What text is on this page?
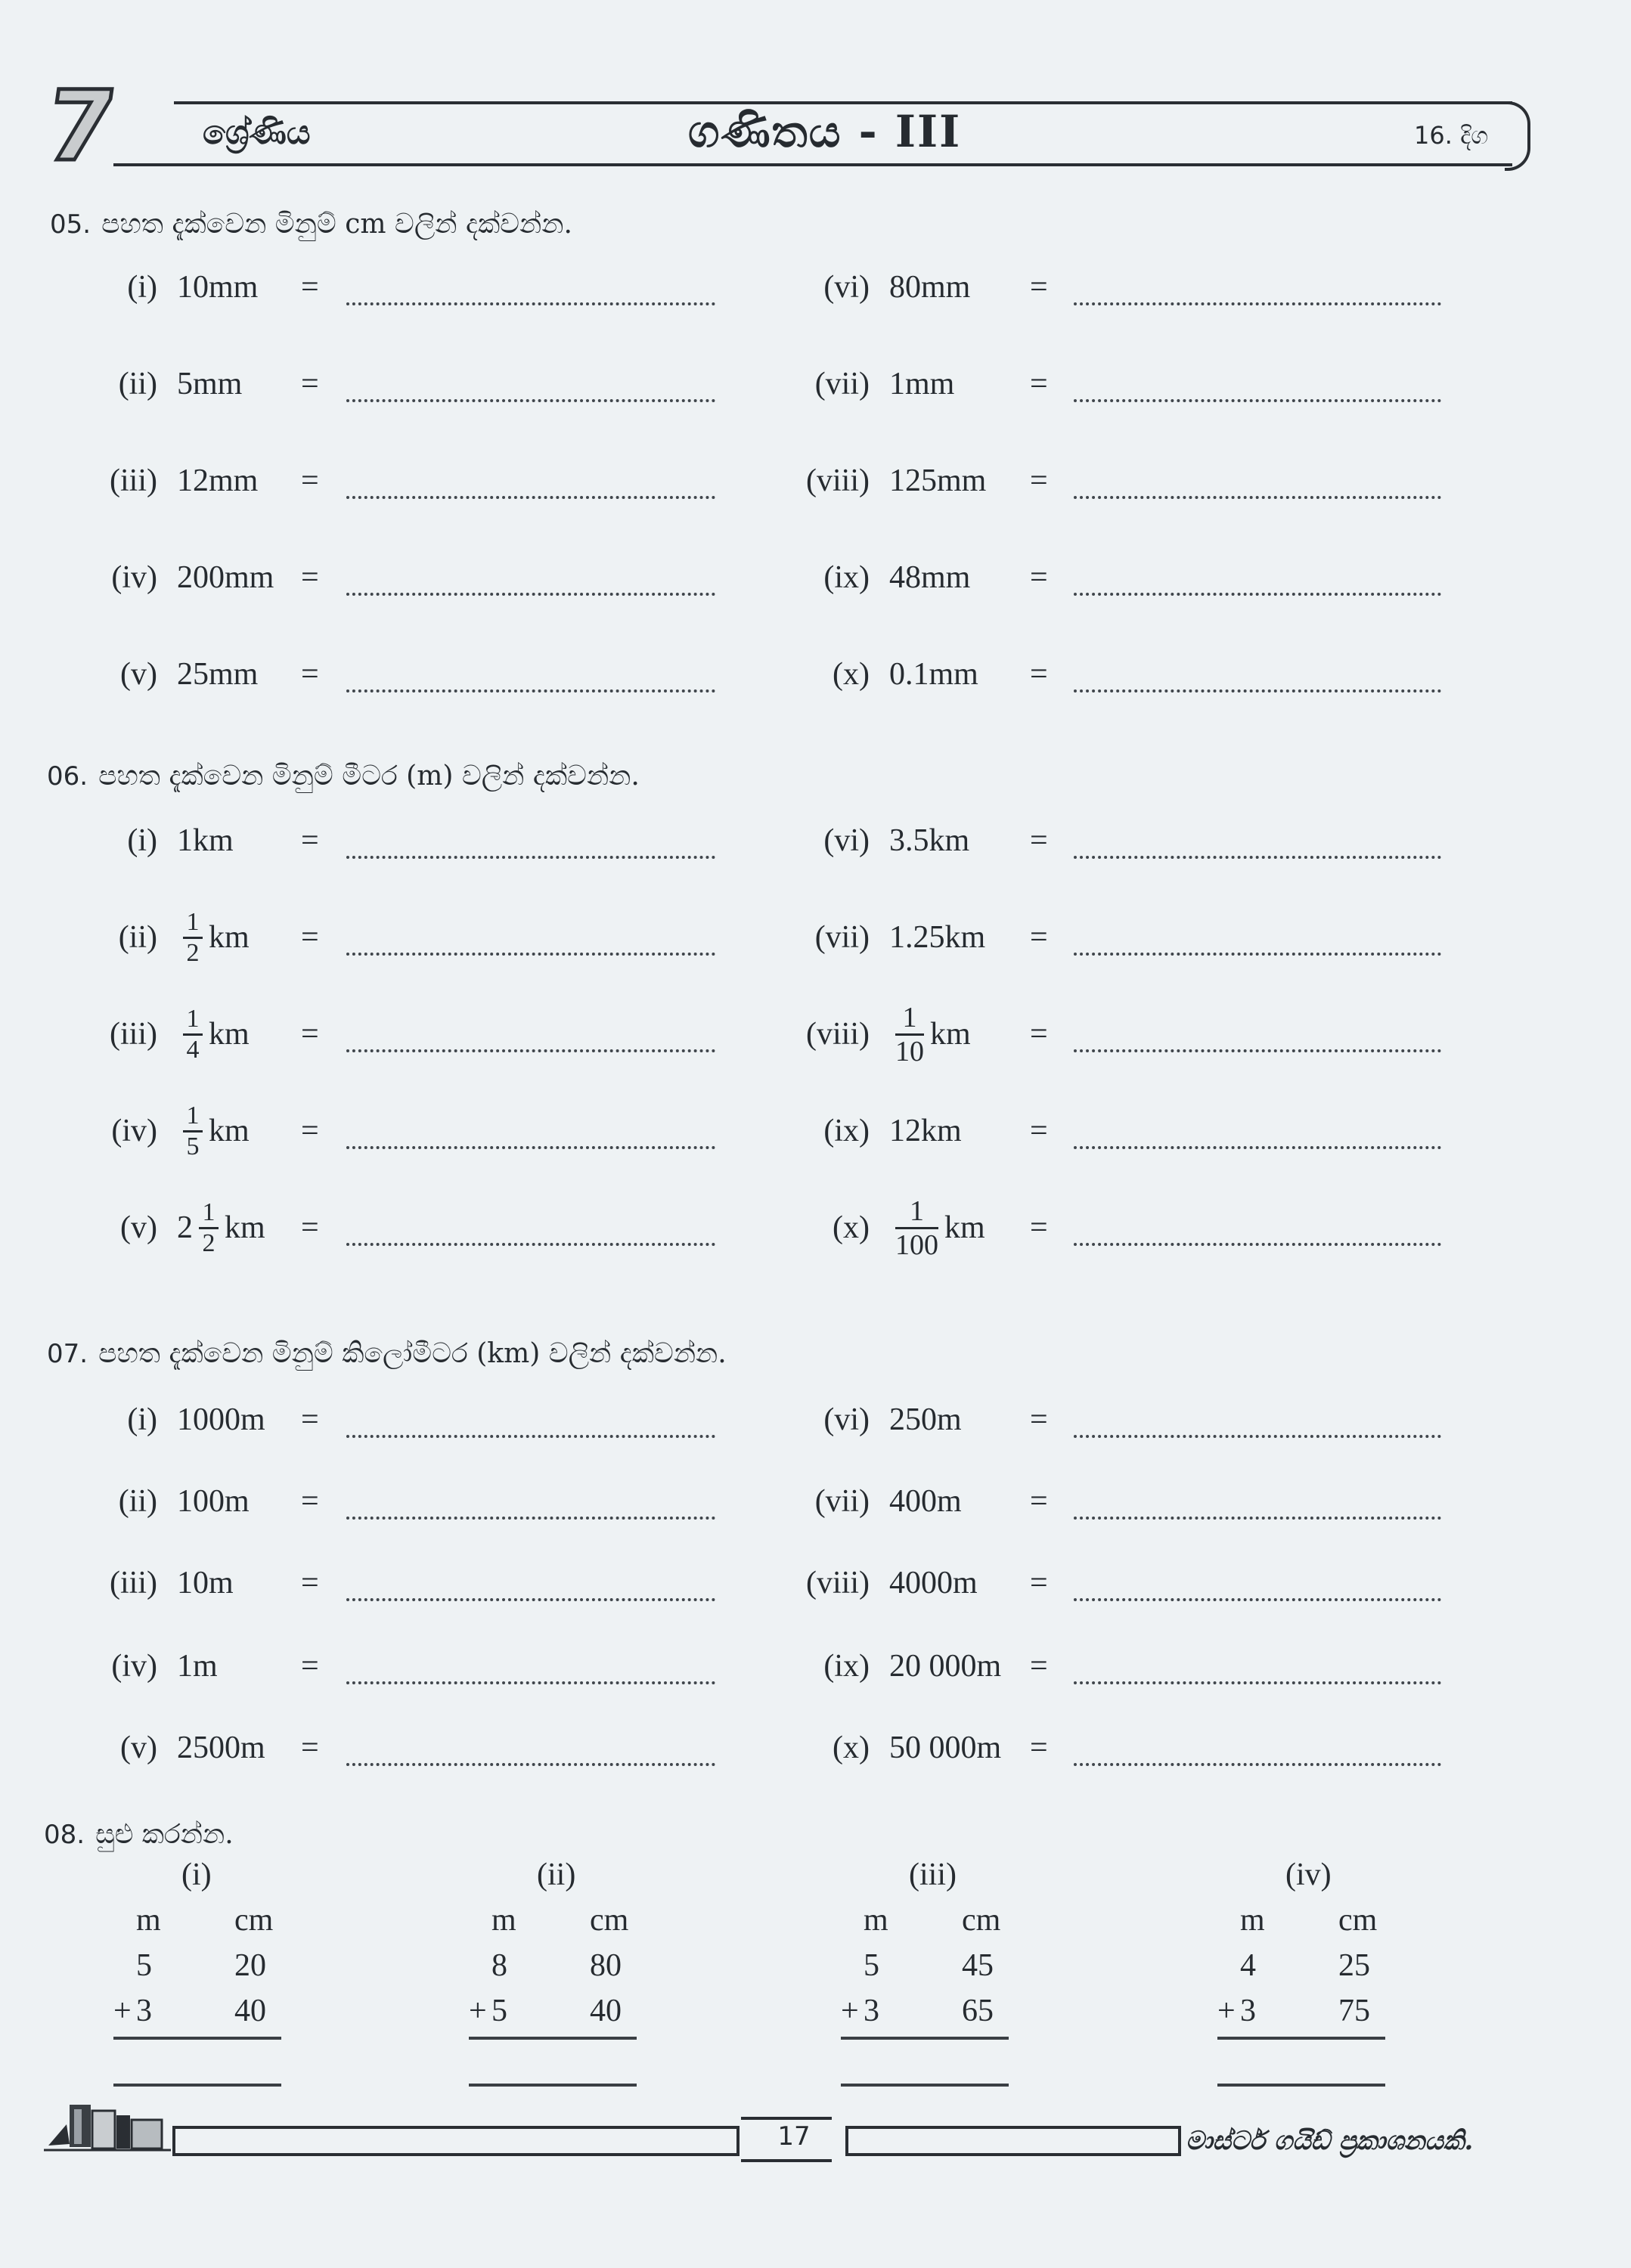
7 ශ්‍රේණිය	ගණිතය - III	16. දිග
05. පහත දැක්වෙන මිනුම් cm වලින් දක්වන්න.
(i) 10mm =
(ii) 5mm =
(iii) 12mm =
(iv) 200mm =
(v) 25mm =
(vi) 80mm =
(vii) 1mm =
(viii) 125mm =
(ix) 48mm =
(x) 0.1mm =
06. පහත දැක්වෙන මිනුම් මීටර (m) වලින් දක්වන්න.
(i) 1km =
$(ii) \frac{1}{2}$ km =
$(iii) \frac{1}{4}$ km =
$(iv) \frac{1}{5}$ km =
(v) $2 \frac{1}{2}$ km =
(vi) 3.5km =
(vii) 1.25km =
(viii) $\frac{1}{10}$ km =
(ix) 12km =
$(x) \frac{1}{100}$ km =
07. පහත දැක්වෙන මිනුම් කිලෝමීටර (km) වලින් දක්වන්න.
(i) 1000m =
(ii) 100m =
(iii) 10m =
(iv) 1m	=
(v) 2500m =
(vi) 250m =
(vii) 400m =
(viii) 4000m =
(ix) 20 000m =
(x) 50 000m =
08. සුළු කරන්න.
(i)
m cm
5	20
+ 3	40
(ii)
m cm
8	80
+ 5	40
(iii)
m cm
5	45
+ 3	65
(iv)
m cm
4	25
+ 3	75
17	මාස්ටර් ගයිඩ් ප්‍රකාශනයකි.
